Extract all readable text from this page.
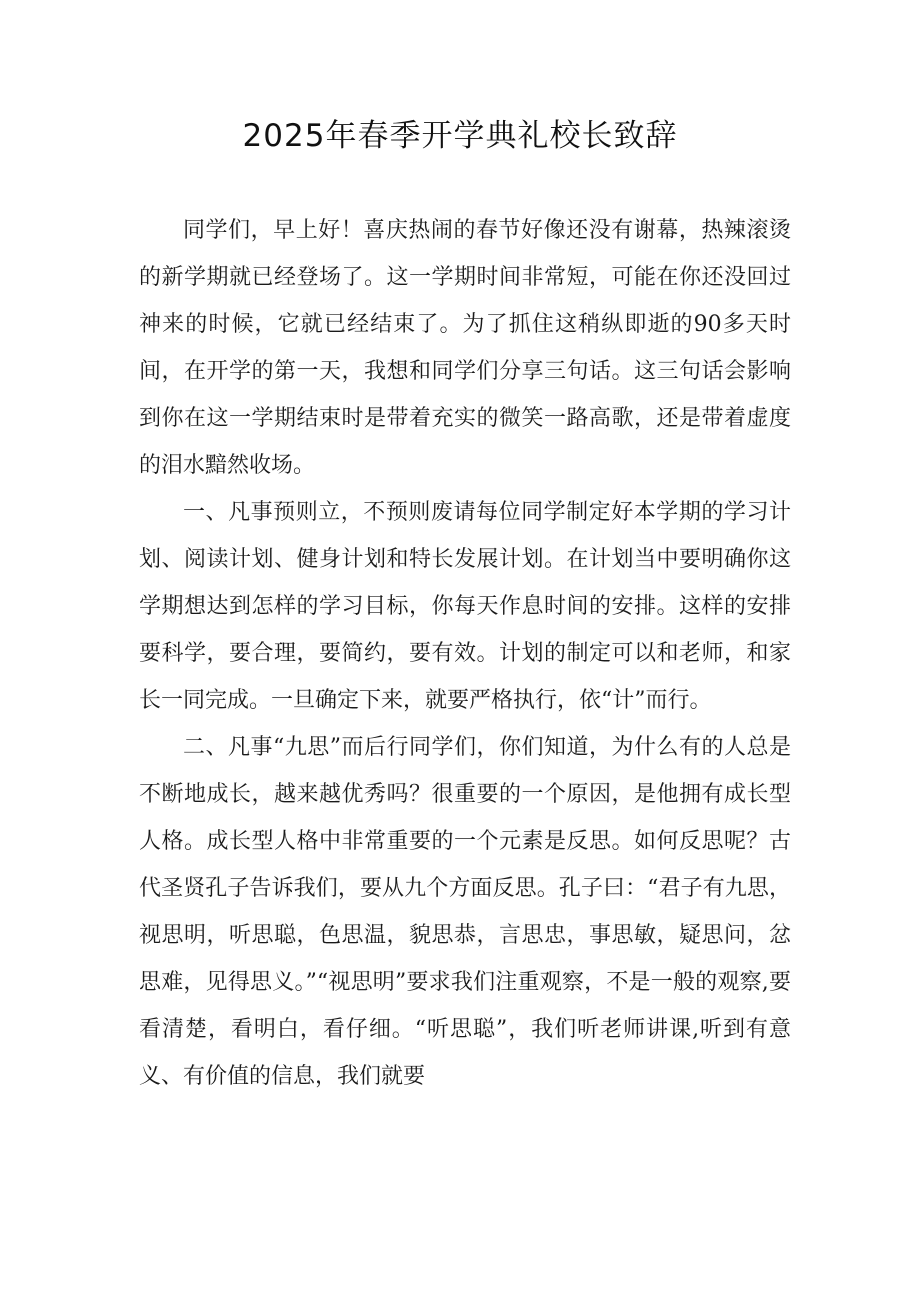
2025年春季开学典礼校长致辞

同学们，早上好！喜庆热闹的春节好像还没有谢幕，热辣滚烫的新学期就已经登场了。这一学期时间非常短，可能在你还没回过神来的时候，它就已经结束了。为了抓住这稍纵即逝的90多天时间，在开学的第一天，我想和同学们分享三句话。这三句话会影响到你在这一学期结束时是带着充实的微笑一路高歌，还是带着虚度的泪水黯然收场。

一、凡事预则立，不预则废请每位同学制定好本学期的学习计划、阅读计划、健身计划和特长发展计划。在计划当中要明确你这学期想达到怎样的学习目标，你每天作息时间的安排。这样的安排要科学，要合理，要简约，要有效。计划的制定可以和老师，和家长一同完成。一旦确定下来，就要严格执行，依“计”而行。

二、凡事“九思”而后行同学们，你们知道，为什么有的人总是不断地成长，越来越优秀吗？很重要的一个原因，是他拥有成长型人格。成长型人格中非常重要的一个元素是反思。如何反思呢？古代圣贤孔子告诉我们，要从九个方面反思。孔子曰：“君子有九思，视思明，听思聪，色思温，貌思恭，言思忠，事思敏，疑思问，忿思难，见得思义。”“视思明”要求我们注重观察，不是一般的观察,要看清楚，看明白，看仔细。“听思聪”，我们听老师讲课,听到有意义、有价值的信息，我们就要
